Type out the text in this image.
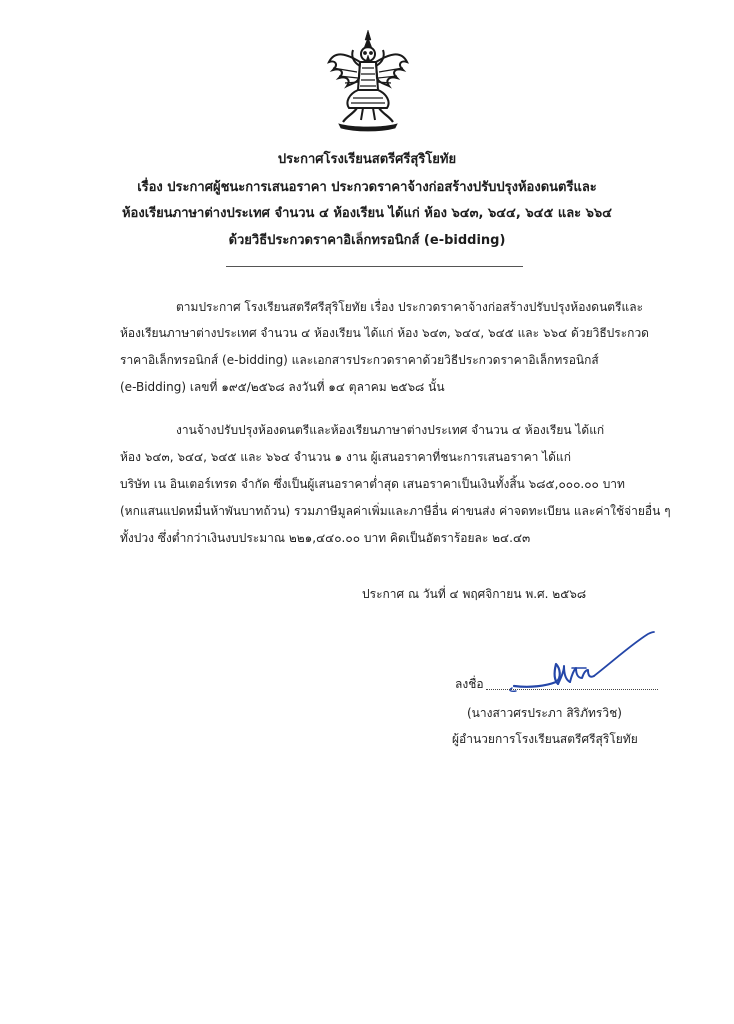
ประกาศโรงเรียนสตรีศรีสุริโยทัย
เรื่อง ประกาศผู้ชนะการเสนอราคา ประกวดราคาจ้างก่อสร้างปรับปรุงห้องดนตรีและ
ห้องเรียนภาษาต่างประเทศ จำนวน ๔ ห้องเรียน ได้แก่ ห้อง ๖๔๓, ๖๔๔, ๖๔๕ และ ๖๖๔
ด้วยวิธีประกวดราคาอิเล็กทรอนิกส์ (e-bidding)
ตามประกาศ โรงเรียนสตรีศรีสุริโยทัย เรื่อง ประกวดราคาจ้างก่อสร้างปรับปรุงห้องดนตรีและ
ห้องเรียนภาษาต่างประเทศ จำนวน ๔ ห้องเรียน ได้แก่ ห้อง ๖๔๓, ๖๔๔, ๖๔๕ และ ๖๖๔ ด้วยวิธีประกวด
ราคาอิเล็กทรอนิกส์ (e-bidding) และเอกสารประกวดราคาด้วยวิธีประกวดราคาอิเล็กทรอนิกส์
(e-Bidding) เลขที่ ๑๙๕/๒๕๖๘ ลงวันที่ ๑๔ ตุลาคม ๒๕๖๘ นั้น
งานจ้างปรับปรุงห้องดนตรีและห้องเรียนภาษาต่างประเทศ จำนวน ๔ ห้องเรียน ได้แก่
ห้อง ๖๔๓, ๖๔๔, ๖๔๕ และ ๖๖๔ จำนวน ๑ งาน ผู้เสนอราคาที่ชนะการเสนอราคา ได้แก่
บริษัท เน อินเตอร์เทรด จำกัด ซึ่งเป็นผู้เสนอราคาต่ำสุด เสนอราคาเป็นเงินทั้งสิ้น ๖๘๕,๐๐๐.๐๐ บาท
(หกแสนแปดหมื่นห้าพันบาทถ้วน) รวมภาษีมูลค่าเพิ่มและภาษีอื่น ค่าขนส่ง ค่าจดทะเบียน และค่าใช้จ่ายอื่น ๆ
ทั้งปวง ซึ่งต่ำกว่าเงินงบประมาณ ๒๒๑,๔๔๐.๐๐ บาท คิดเป็นอัตราร้อยละ ๒๔.๔๓
ประกาศ ณ วันที่ ๔ พฤศจิกายน พ.ศ. ๒๕๖๘
ลงชื่อ
(นางสาวศรประภา สิริภัทรวิช)
ผู้อำนวยการโรงเรียนสตรีศรีสุริโยทัย
